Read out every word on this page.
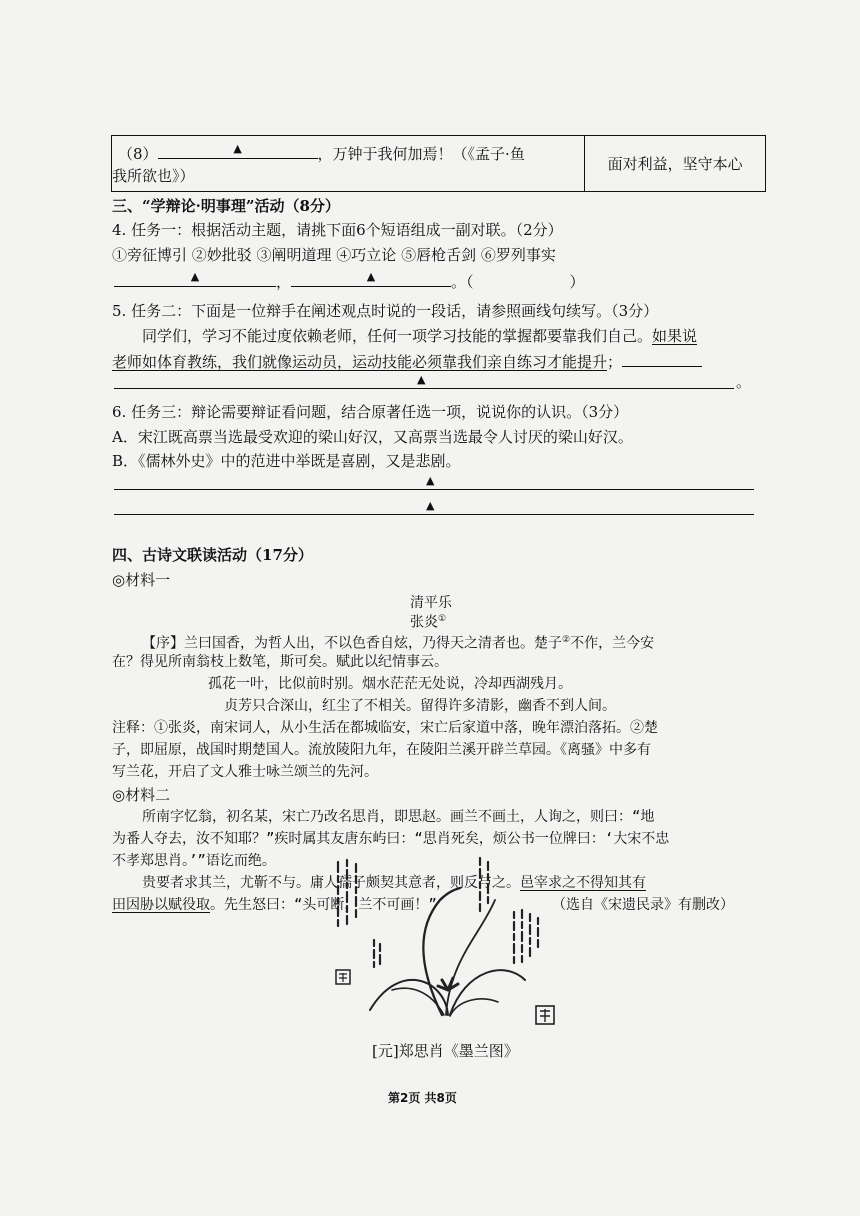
（8）	▲	，万钟于我何加焉！（《孟子·鱼
我所欲也》）
	面对利益，坚守本心
三、“学辩论·明事理”活动（8分）
4. 任务一：根据活动主题，请挑下面6个短语组成一副对联。（2分）
①旁征博引 ②妙批驳 ③阐明道理 ④巧立论 ⑤唇枪舌剑 ⑥罗列事实
▲	，	▲	。（	）
5. 任务二：下面是一位辩手在阐述观点时说的一段话，请参照画线句续写。（3分）
同学们，学习不能过度依赖老师，任何一项学习技能的掌握都要靠我们自己。如果说
老师如体育教练，我们就像运动员，运动技能必须靠我们亲自练习才能提升；
▲	。
6. 任务三：辩论需要辩证看问题，结合原著任选一项，说说你的认识。（3分）
A．宋江既高票当选最受欢迎的梁山好汉，又高票当选最令人讨厌的梁山好汉。
B．《儒林外史》中的范进中举既是喜剧，又是悲剧。
▲
▲
四、古诗文联读活动（17分）
◎材料一
清平乐
张炎①
【序】兰曰国香，为哲人出，不以色香自炫，乃得天之清者也。楚子②不作，兰今安
在？得见所南翁枝上数笔，斯可矣。赋此以纪情事云。
孤花一叶，比似前时别。烟水茫茫无处说，冷却西湖残月。
贞芳只合深山，红尘了不相关。留得许多清影，幽香不到人间。
注释：①张炎，南宋词人，从小生活在都城临安，宋亡后家道中落，晚年漂泊落拓。②楚
子，即屈原，战国时期楚国人。流放陵阳九年，在陵阳兰溪开辟兰草园。《离骚》中多有
写兰花，开启了文人雅士咏兰颂兰的先河。
◎材料二
所南字忆翁，初名某，宋亡乃改名思肖，即思赵。画兰不画土，人询之，则曰：“地
为番人夺去，汝不知耶？”疾时属其友唐东屿曰：“思肖死矣，烦公书一位牌曰：‘大宋不忠
不孝郑思肖。’”语讫而绝。
贵要者求其兰，尤靳不与。庸人孺子颇契其意者，则反与之。邑宰求之不得知其有
田因胁以赋役取。先生怒曰：“头可断，兰不可画！”	（选自《宋遗民录》有删改）
[元]郑思肖《墨兰图》
第2页 共8页
